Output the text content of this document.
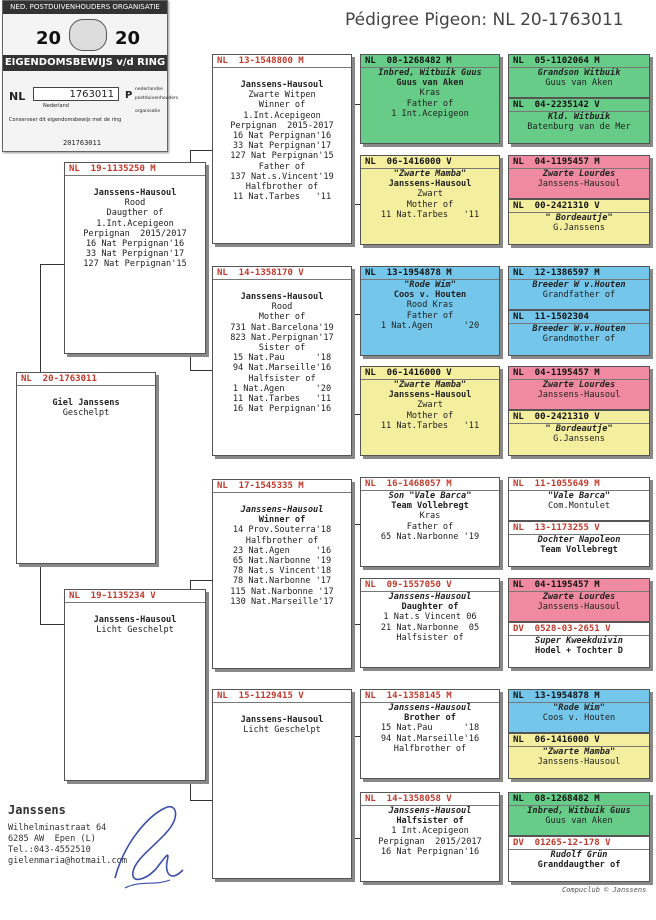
NED. POSTDUIVENHOUDERS ORGANISATIE
20	20
EIGENDOMSBEWIJS v/d RING
NL	1763011
Nederland
P
nederlandse
postduivenhouders
organisatie
Conserveer dit eigendomsbewijs met de ring
201763011
Pédigree Pigeon: NL 20-1763011
NL  20-1763011
Giel Janssens
Geschelpt
NL  19-1135250 M
Janssens-Hausoul
Rood
Daugther of
1.Int.Acepigeon
Perpignan  2015/2017
16 Nat Perpignan'16
33 Nat Perpignan'17
127 Nat Perpignan'15
NL  19-1135234 V
Janssens-Hausoul
Licht Geschelpt
NL  13-1548800 M
Janssens-Hausoul
Zwarte Witpen
Winner of
1.Int.Acepigeon
Perpignan  2015-2017
16 Nat Perpignan'16
33 Nat Perpignan'17
127 Nat Perpignan'15
Father of
137 Nat.s.Vincent'19
Halfbrother of
11 Nat.Tarbes   '11
NL  14-1358170 V
Janssens-Hausoul
Rood
Mother of
731 Nat.Barcelona'19
823 Nat.Perpignan'17
Sister of
15 Nat.Pau      '18
94 Nat.Marseille'16
Halfsister of
1 Nat.Agen      '20
11 Nat.Tarbes   '11
16 Nat Perpignan'16
NL  17-1545335 M
Janssens-Hausoul
Winner of
14 Prov.Souterra'18
Halfbrother of
23 Nat.Agen     '16
65 Nat.Narbonne '19
78 Nat.s Vincent'18
78 Nat.Narbonne '17
115 Nat.Narbonne '17
130 Nat.Marseille'17
NL  15-1129415 V
Janssens-Hausoul
Licht Geschelpt
NL  08-1268482 M
Inbred, Witbuik Guus
Guus van Aken
Kras
Father of
1 Int.Acepigeon
NL  06-1416000 V
"Zwarte Mamba"
Janssens-Hausoul
Zwart
Mother of
11 Nat.Tarbes   '11
NL  13-1954878 M
"Rode Wim"
Coos v. Houten
Rood Kras
Father of
1 Nat.Agen      '20
NL  06-1416000 V
"Zwarte Mamba"
Janssens-Hausoul
Zwart
Mother of
11 Nat.Tarbes   '11
NL  16-1468057 M
Son "Vale Barca"
Team Vollebregt
Kras
Father of
65 Nat.Narbonne '19
NL  09-1557050 V
Janssens-Hausoul
Daughter of
1 Nat.s Vincent 06
21 Nat.Narbonne  05
Halfsister of
NL  14-1358145 M
Janssens-Hausoul
Brother of
15 Nat.Pau      '18
94 Nat.Marseille'16
Halfbrother of
NL  14-1358058 V
Janssens-Hausoul
Halfsister of
1 Int.Acepigeon
Perpignan  2015/2017
16 Nat Perpignan'16
NL  05-1102064 M
Grandson Witbuik
Guus van Aken
NL  04-2235142 V
Kld. Witbuik
Batenburg van de Mer
NL  04-1195457 M
Zwarte Lourdes
Janssens-Hausoul
NL  00-2421310 V
" Bordeautje"
G.Janssens
NL  12-1386597 M
Breeder W v.Houten
Grandfather of
NL  11-1502304
Breeder W.v.Houten
Grandmother of
NL  04-1195457 M
Zwarte Lourdes
Janssens-Hausoul
NL  00-2421310 V
" Bordeautje"
G.Janssens
NL  11-1055649 M
"Vale Barca"
Com.Montulet
NL  13-1173255 V
Dochter Napoleon
Team Vollebregt
NL  04-1195457 M
Zwarte Lourdes
Janssens-Hausoul
DV  0528-03-2651 V
Super Kweekduivin
Hodel + Tochter D
NL  13-1954878 M
"Rode Wim"
Coos v. Houten
NL  06-1416000 V
"Zwarte Mamba"
Janssens-Hausoul
NL  08-1268482 M
Inbred, Witbuik Guus
Guus van Aken
DV  01265-12-178 V
Rudolf Grün
Granddaugther of
Janssens
Wilhelminastraat 64
6285 AW  Epen (L)
Tel.:043-4552510
gielenmaria@hotmail.com
Compuclub © Janssens
